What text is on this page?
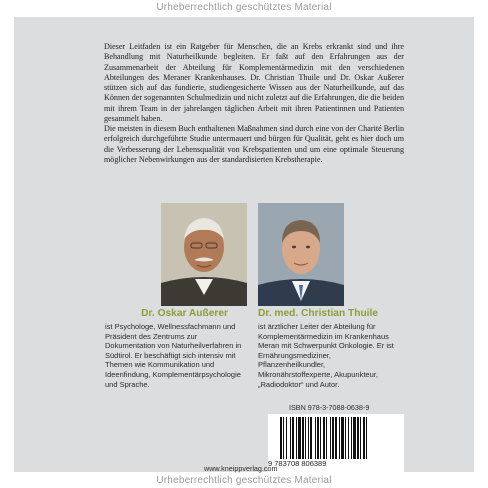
Urheberrechtlich geschütztes Material

Dieser Leitfaden ist ein Ratgeber für Menschen, die an Krebs erkrankt sind und ihre Behandlung mit Naturheilkunde begleiten. Er faßt auf den Erfahrungen aus der Zusammenarbeit der Abteilung für Komplementärmedizin mit den verschiedenen Abteilungen des Meraner Krankenhauses. Dr. Christian Thuile und Dr. Oskar Außerer stützen sich auf das fundierte, studiengesicherte Wissen aus der Naturheilkunde, auf das Können der sogenannten Schulmedizin und nicht zuletzt auf die Erfahrungen, die die beiden mit ihrem Team in der jahrelangen täglichen Arbeit mit ihren Patientinnen und Patienten gesammelt haben.

Die meisten in diesem Buch enthaltenen Maßnahmen sind durch eine von der Charité Berlin erfolgreich durchgeführte Studie untermauert und bürgen für Qualität, geht es hier doch um die Verbesserung der Lebensqualität von Krebspatienten und um eine optimale Steuerung möglicher Nebenwirkungen aus der standardisierten Krebstherapie.

Dr. Oskar Außerer	Dr. med. Christian Thuile

ist Psychologe, Wellnessfachmann und Präsident des Zentrums zur Dokumentation von Naturheilverfahren in Südtirol. Er beschäftigt sich intensiv mit Themen wie Kommunikation und Ideenfindung, Komplementärpsychologie und Sprache.

ist ärztlicher Leiter der Abteilung für Komplementärmedizin im Krankenhaus Meran mit Schwerpunkt Onkologie. Er ist Ernährungsmediziner, Pflanzenheilkundler, Mikronährstoffexperte, Akupunkteur, „Radiodoktor“ und Autor.

ISBN 978-3-7088-0638-9

9 783708 806389

www.kneippverlag.com

Urheberrechtlich geschütztes Material
